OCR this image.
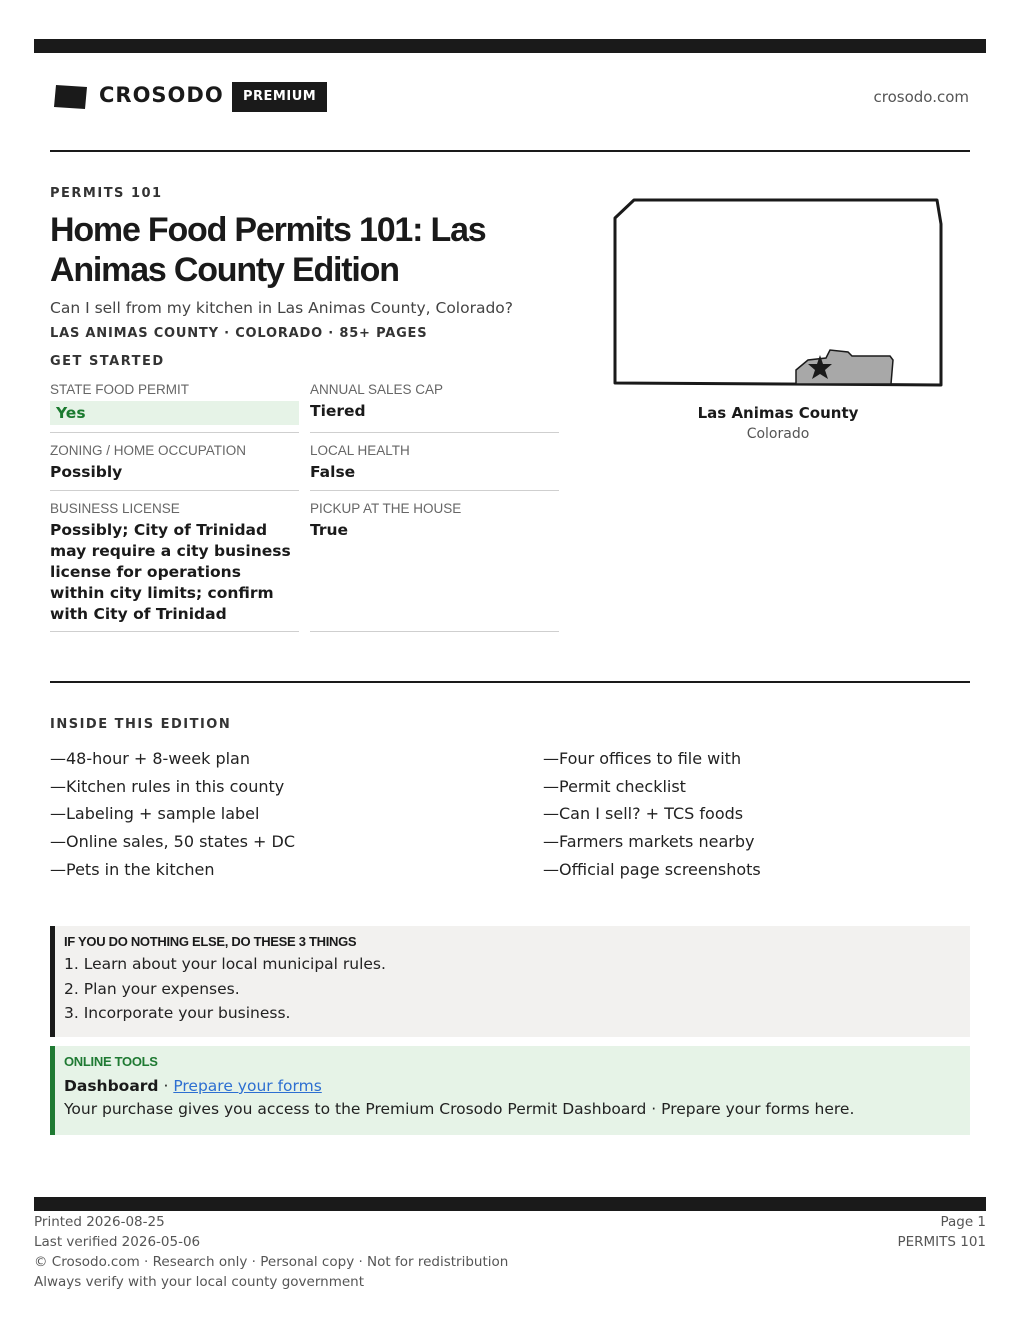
CROSODO	PREMIUM	crosodo.com
PERMITS 101
Home Food Permits 101: Las Animas County Edition
Can I sell from my kitchen in Las Animas County, Colorado?
LAS ANIMAS COUNTY · COLORADO · 85+ PAGES
GET STARTED
STATE FOOD PERMIT
Yes
ANNUAL SALES CAP
Tiered
ZONING / HOME OCCUPATION
Possibly
LOCAL HEALTH
False
BUSINESS LICENSE
Possibly; City of Trinidad may require a city business license for operations within city limits; confirm with City of Trinidad
PICKUP AT THE HOUSE
True
Las Animas County
Colorado
INSIDE THIS EDITION
—48-hour + 8-week plan
—Kitchen rules in this county
—Labeling + sample label
—Online sales, 50 states + DC
—Pets in the kitchen
—Four offices to file with
—Permit checklist
—Can I sell? + TCS foods
—Farmers markets nearby
—Official page screenshots
IF YOU DO NOTHING ELSE, DO THESE 3 THINGS
1. Learn about your local municipal rules.
2. Plan your expenses.
3. Incorporate your business.
ONLINE TOOLS
Dashboard · Prepare your forms
Your purchase gives you access to the Premium Crosodo Permit Dashboard · Prepare your forms here.
Printed 2026-08-25
Last verified 2026-05-06
© Crosodo.com · Research only · Personal copy · Not for redistribution
Always verify with your local county government
Page 1
PERMITS 101
